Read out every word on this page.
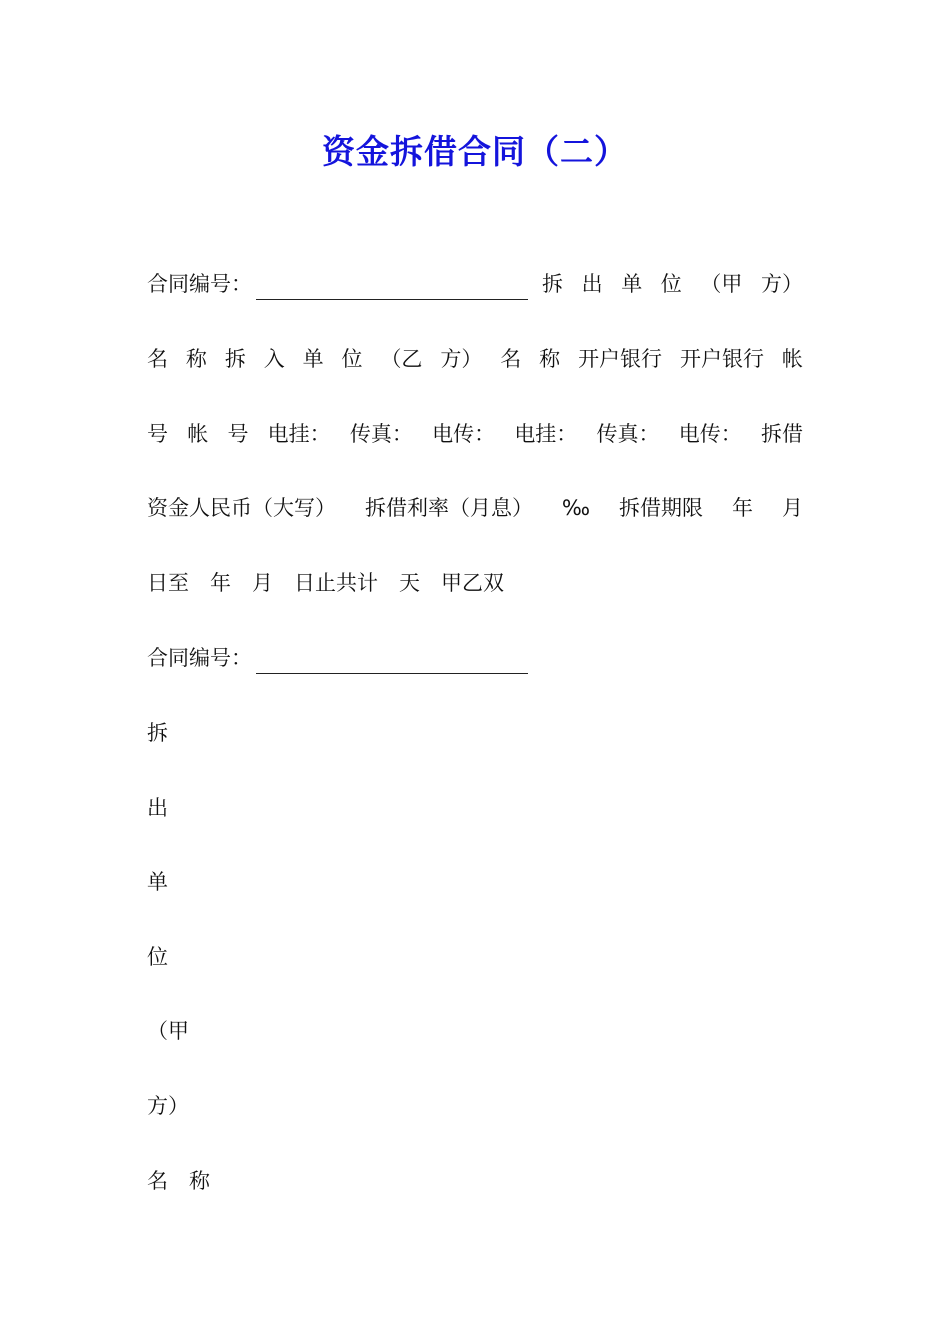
资金拆借合同（二）
合同编号：	拆 出 单 位 （甲 方）
名 称 拆 入 单 位 （乙 方） 名 称 开户银行 开户银行 帐
号 帐 号 电挂： 传真： 电传： 电挂： 传真： 电传： 拆借
资金人民币（大写） 拆借利率（月息） ‰ 拆借期限 年 月
日至　年　月　日止共计　天　甲乙双
合同编号：
拆
出
单
位
（甲
方）
名　称
